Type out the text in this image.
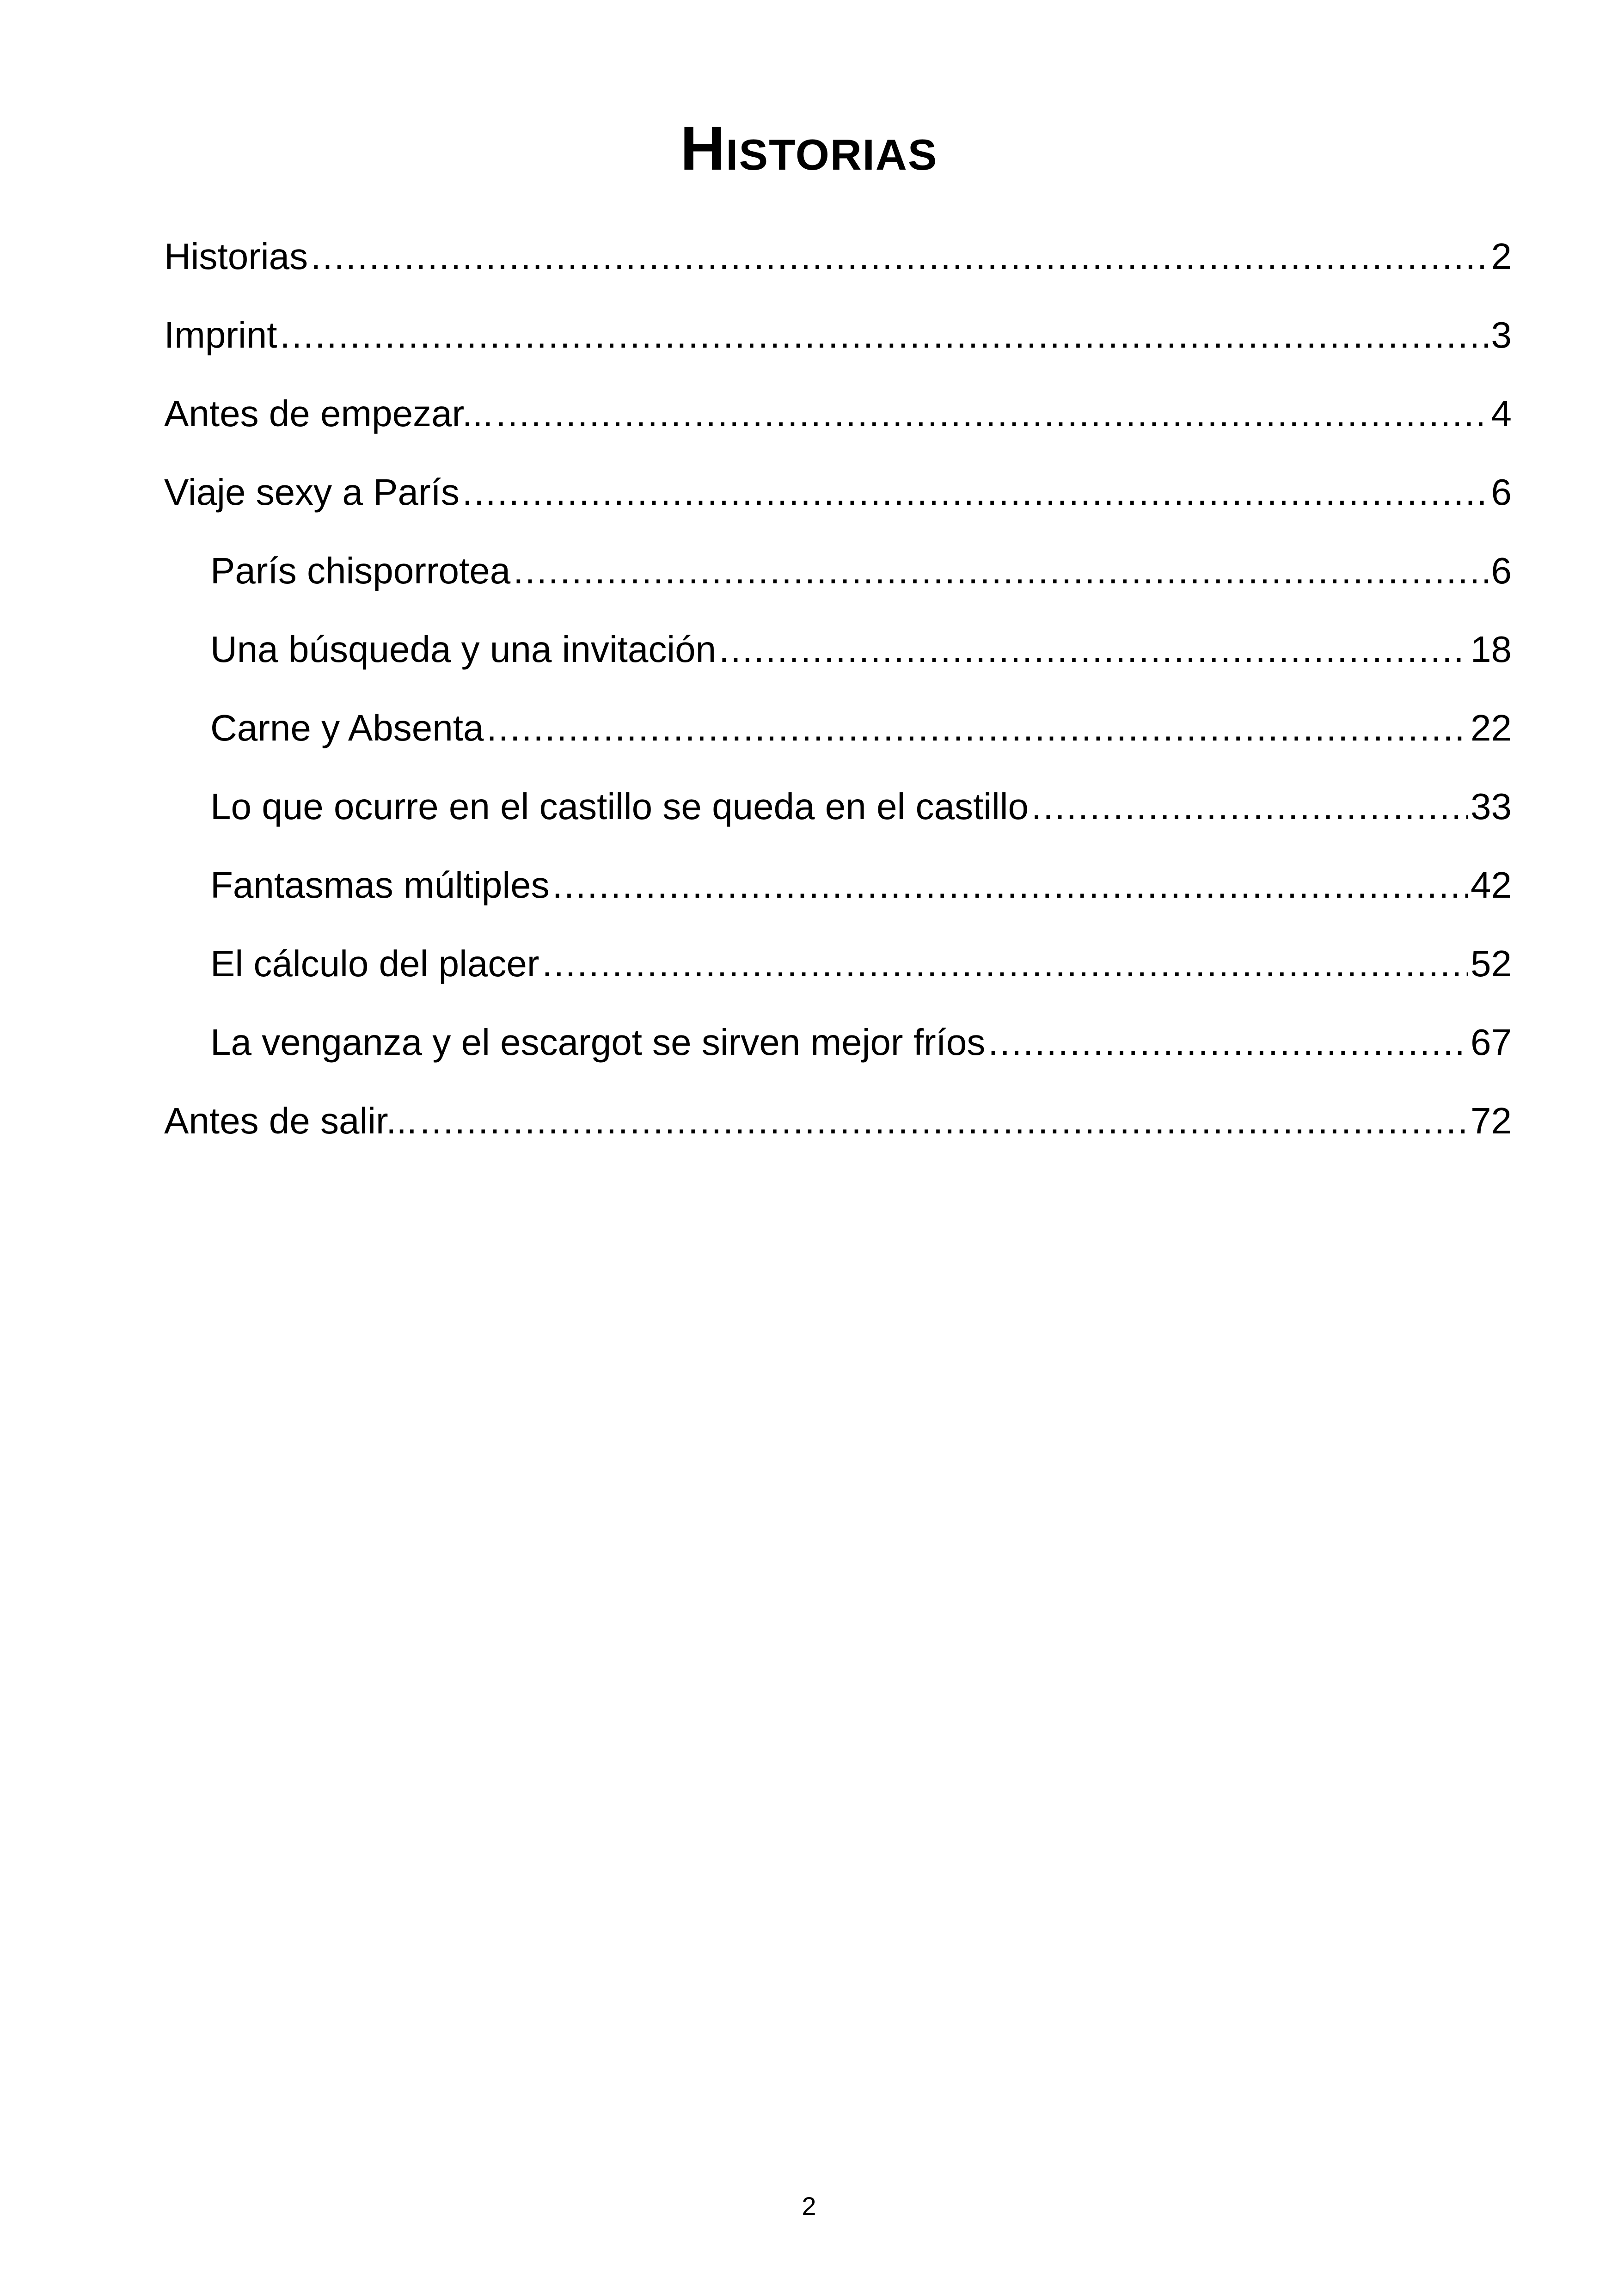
Historias
Historias .....	2
Imprint .....	3
Antes de empezar... .....	4
Viaje sexy a París .....	6
París chisporrotea .....	6
Una búsqueda y una invitación .....	18
Carne y Absenta .....	22
Lo que ocurre en el castillo se queda en el castillo .....	33
Fantasmas múltiples .....	42
El cálculo del placer .....	52
La venganza y el escargot se sirven mejor fríos .....	67
Antes de salir... .....	72
2
